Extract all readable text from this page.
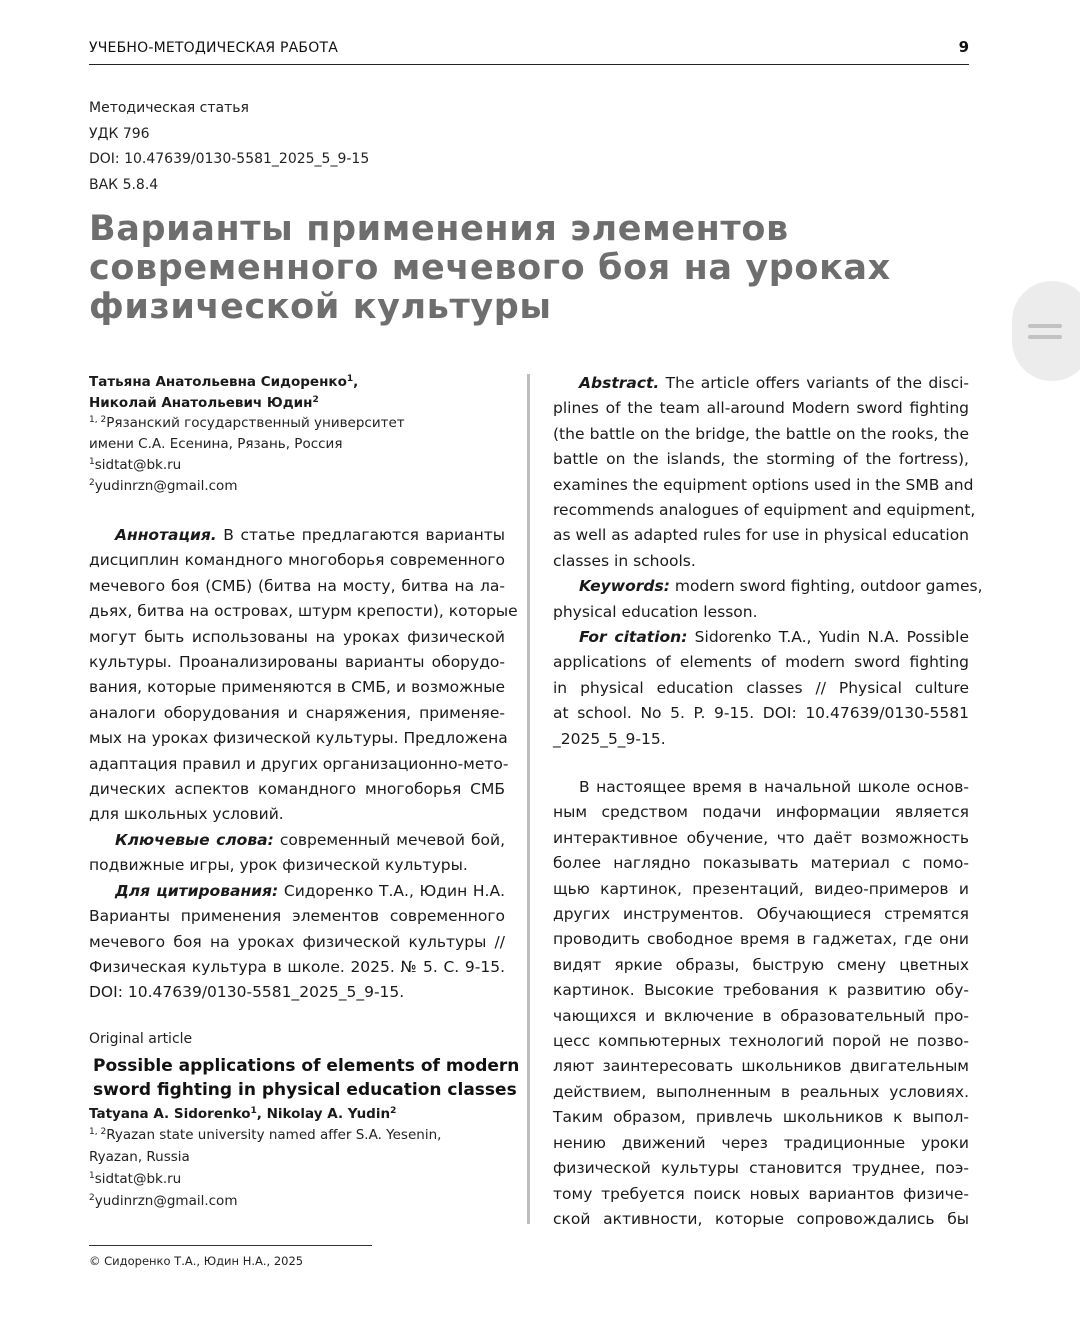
УЧЕБНО-МЕТОДИЧЕСКАЯ РАБОТА	9
Методическая статья
УДК 796
DOI: 10.47639/0130-5581_2025_5_9-15
ВАК 5.8.4
Варианты применения элементов
современного мечевого боя на уроках
физической культуры
Татьяна Анатольевна Сидоренко$^1$,
Николай Анатольевич Юдин$^2$
$^{1, 2}$Рязанский государственный университет
имени С.А. Есенина, Рязань, Россия
$^1$sidtat@bk.ru
$^2$yudinrzn@gmail.com
Аннотация. В статье предлагаются варианты
дисциплин командного многоборья современного
мечевого боя (СМБ) (битва на мосту, битва на ла-
дьях, битва на островах, штурм крепости), которые
могут быть использованы на уроках физической
культуры. Проанализированы варианты оборудо-
вания, которые применяются в СМБ, и возможные
аналоги оборудования и снаряжения, применяе-
мых на уроках физической культуры. Предложена
адаптация правил и других организационно-мето-
дических аспектов командного многоборья СМБ
для школьных условий.
Ключевые слова: современный мечевой бой,
подвижные игры, урок физической культуры.
Для цитирования: Сидоренко Т.А., Юдин Н.А.
Варианты применения элементов современного
мечевого боя на уроках физической культуры //
Физическая культура в школе. 2025. № 5. С. 9-15.
DOI: 10.47639/0130-5581_2025_5_9-15.
Original article
Possible applications of elements of modern
sword fighting in physical education classes
Tatyana A. Sidorenko$^1$, Nikolay A. Yudin$^2$
$^{1, 2}$Ryazan state university named affer S.A. Yesenin,
Ryazan, Russia
$^1$sidtat@bk.ru
$^2$yudinrzn@gmail.com
Abstract. The article offers variants of the disci-
plines of the team all-around Modern sword fighting
(the battle on the bridge, the battle on the rooks, the
battle on the islands, the storming of the fortress),
examines the equipment options used in the SMB and
recommends analogues of equipment and equipment,
as well as adapted rules for use in physical education
classes in schools.
Keywords: modern sword fighting, outdoor games,
physical education lesson.
For citation: Sidorenko T.A., Yudin N.A. Possible
applications of elements of modern sword fighting
in physical education classes // Physical culture
at school. No 5. P. 9-15. DOI: 10.47639/0130-5581
_2025_5_9-15.
В настоящее время в начальной школе основ-
ным средством подачи информации является
интерактивное обучение, что даёт возможность
более наглядно показывать материал с помо-
щью картинок, презентаций, видео-примеров и
других инструментов. Обучающиеся стремятся
проводить свободное время в гаджетах, где они
видят яркие образы, быструю смену цветных
картинок. Высокие требования к развитию обу-
чающихся и включение в образовательный про-
цесс компьютерных технологий порой не позво-
ляют заинтересовать школьников двигательным
действием, выполненным в реальных условиях.
Таким образом, привлечь школьников к выпол-
нению движений через традиционные уроки
физической культуры становится труднее, поэ-
тому требуется поиск новых вариантов физиче-
ской активности, которые сопровождались бы
© Сидоренко Т.А., Юдин Н.А., 2025
